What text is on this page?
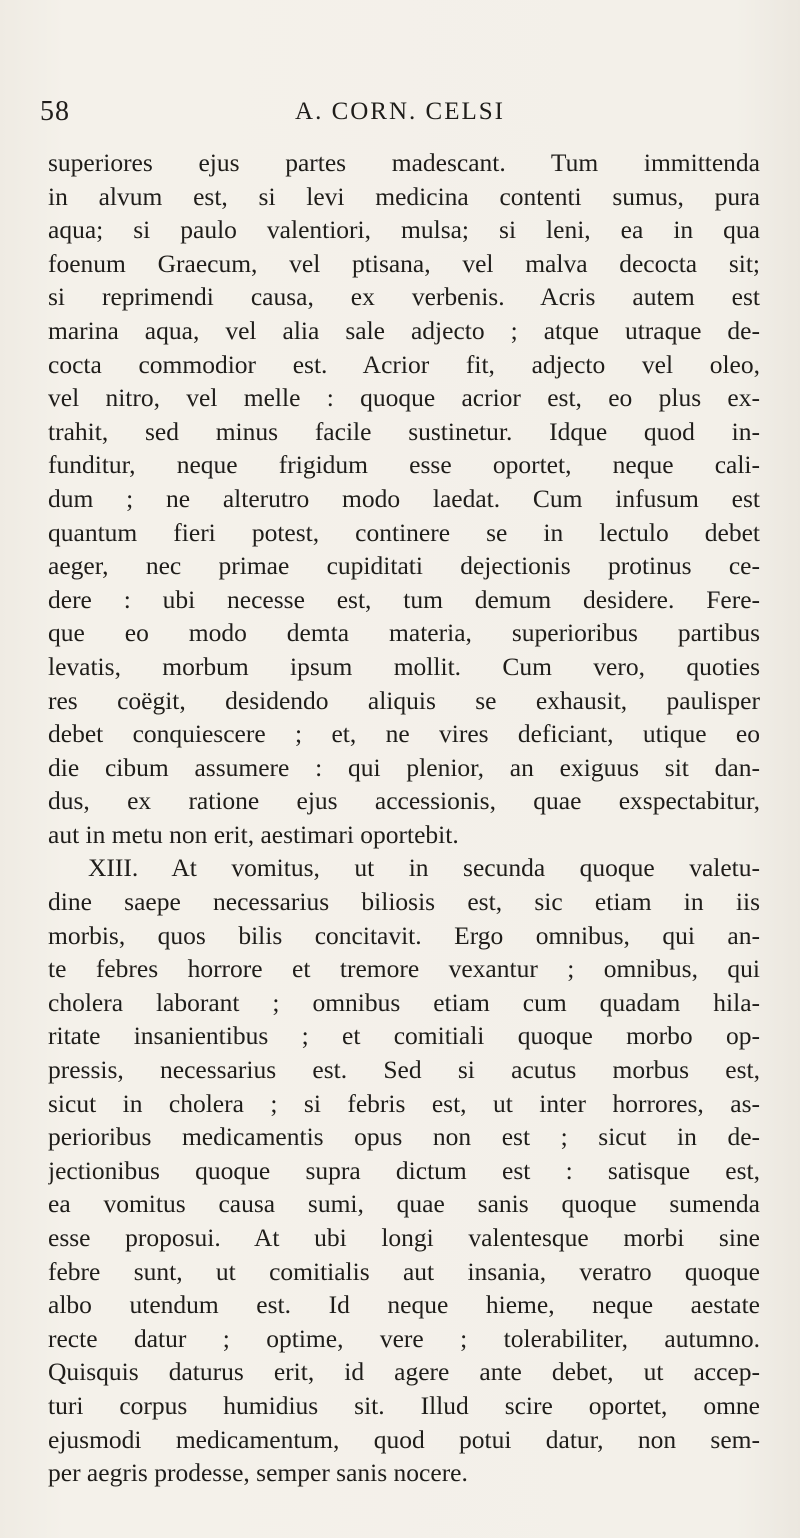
58	A. CORN. CELSI
superiores ejus partes madescant. Tum immittenda
in alvum est, si levi medicina contenti sumus, pura
aqua; si paulo valentiori, mulsa; si leni, ea in qua
foenum Graecum, vel ptisana, vel malva decocta sit;
si reprimendi causa, ex verbenis. Acris autem est
marina aqua, vel alia sale adjecto ; atque utraque de-
cocta commodior est. Acrior fit, adjecto vel oleo,
vel nitro, vel melle : quoque acrior est, eo plus ex-
trahit, sed minus facile sustinetur. Idque quod in-
funditur, neque frigidum esse oportet, neque cali-
dum ; ne alterutro modo laedat. Cum infusum est
quantum fieri potest, continere se in lectulo debet
aeger, nec primae cupiditati dejectionis protinus ce-
dere : ubi necesse est, tum demum desidere. Fere-
que eo modo demta materia, superioribus partibus
levatis, morbum ipsum mollit. Cum vero, quoties
res coëgit, desidendo aliquis se exhausit, paulisper
debet conquiescere ; et, ne vires deficiant, utique eo
die cibum assumere : qui plenior, an exiguus sit dan-
dus, ex ratione ejus accessionis, quae exspectabitur,
aut in metu non erit, aestimari oportebit.
XIII. At vomitus, ut in secunda quoque valetu-
dine saepe necessarius biliosis est, sic etiam in iis
morbis, quos bilis concitavit. Ergo omnibus, qui an-
te febres horrore et tremore vexantur ; omnibus, qui
cholera laborant ; omnibus etiam cum quadam hila-
ritate insanientibus ; et comitiali quoque morbo op-
pressis, necessarius est. Sed si acutus morbus est,
sicut in cholera ; si febris est, ut inter horrores, as-
perioribus medicamentis opus non est ; sicut in de-
jectionibus quoque supra dictum est : satisque est,
ea vomitus causa sumi, quae sanis quoque sumenda
esse proposui. At ubi longi valentesque morbi sine
febre sunt, ut comitialis aut insania, veratro quoque
albo utendum est. Id neque hieme, neque aestate
recte datur ; optime, vere ; tolerabiliter, autumno.
Quisquis daturus erit, id agere ante debet, ut accep-
turi corpus humidius sit. Illud scire oportet, omne
ejusmodi medicamentum, quod potui datur, non sem-
per aegris prodesse, semper sanis nocere.
